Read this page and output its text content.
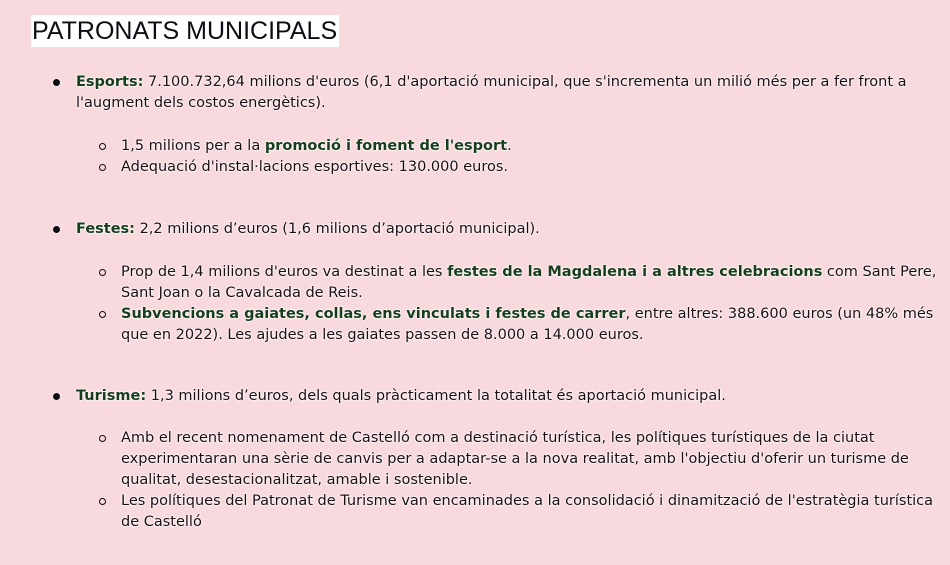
PATRONATS MUNICIPALS
Esports: 7.100.732,64 milions d'euros (6,1 d'aportació municipal, que s'incrementa un milió més per a fer front a l'augment dels costos energètics).
1,5 milions per a la promoció i foment de l'esport.
Adequació d'instal·lacions esportives: 130.000 euros.
Festes: 2,2 milions d’euros (1,6 milions d’aportació municipal).
Prop de 1,4 milions d'euros va destinat a les festes de la Magdalena i a altres celebracions com Sant Pere, Sant Joan o la Cavalcada de Reis.
Subvencions a gaiates, collas, ens vinculats i festes de carrer, entre altres: 388.600 euros (un 48% més que en 2022). Les ajudes a les gaiates passen de 8.000 a 14.000 euros.
Turisme: 1,3 milions d’euros, dels quals pràcticament la totalitat és aportació municipal.
Amb el recent nomenament de Castelló com a destinació turística, les polítiques turístiques de la ciutat experimentaran una sèrie de canvis per a adaptar-se a la nova realitat, amb l'objectiu d'oferir un turisme de qualitat, desestacionalitzat, amable i sostenible.
Les polítiques del Patronat de Turisme van encaminades a la consolidació i dinamització de l'estratègia turística de Castelló
